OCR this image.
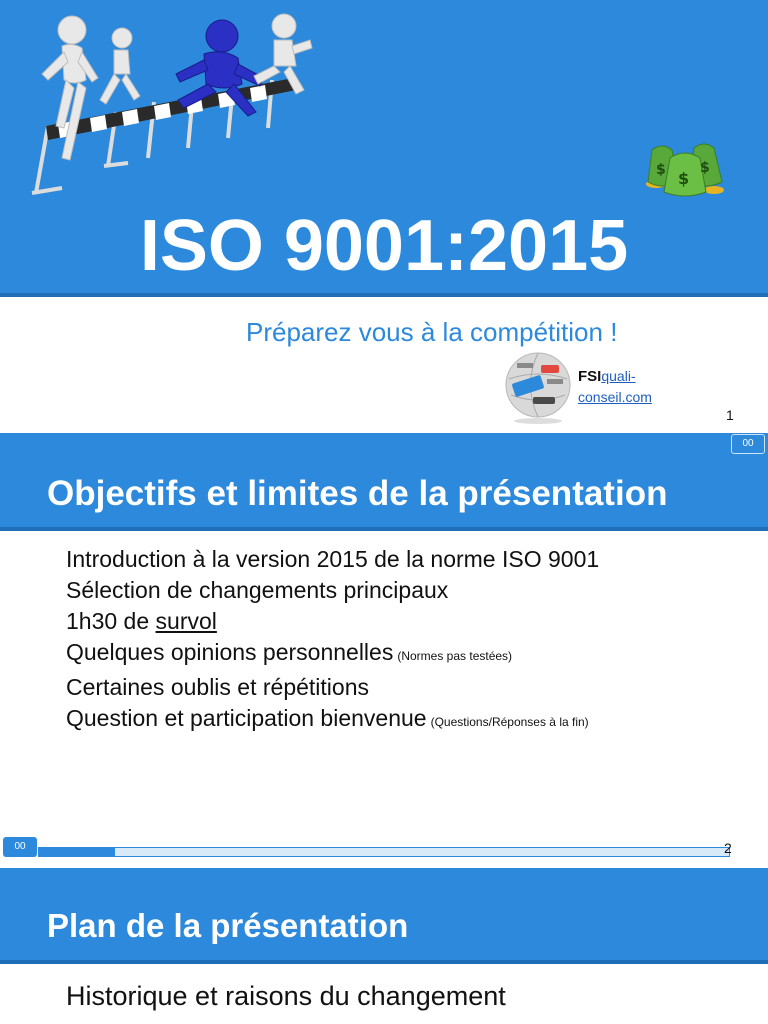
$ $
$
ISO 9001:2015
Préparez vous à la compétition !
FSIquali-
conseil.com
1
00
Objectifs et limites de la présentation
Introduction à la version 2015 de la norme ISO 9001
Sélection de changements principaux
1h30 de survol
Quelques opinions personnelles (Normes pas testées)
Certaines oublis et répétitions
Question et participation bienvenue (Questions/Réponses à la fin)
00	2
Plan de la présentation
Historique et raisons du changement
